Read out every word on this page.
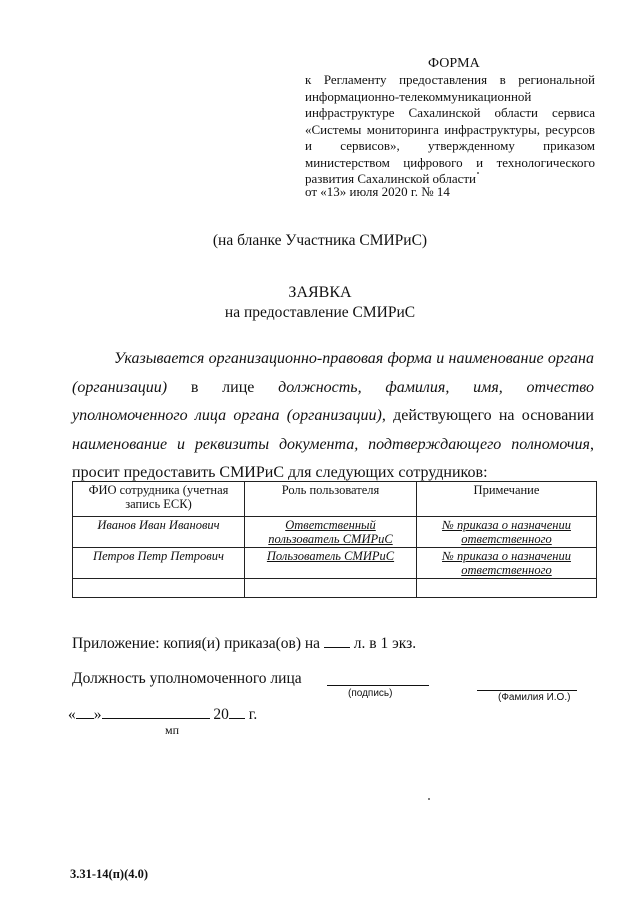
ФОРМА
к Регламенту предоставления в региональной информационно-телекоммуникационной инфраструктуре Сахалинской области сервиса «Системы мониторинга инфраструктуры, ресурсов и сервисов», утвержденному приказом министерством цифрового и технологического развития Сахалинской области
от «13» июля 2020 г. № 14
(на бланке Участника СМИРиС)
ЗАЯВКА
на предоставление СМИРиС
Указывается организационно-правовая форма и наименование органа (организации) в лице должность, фамилия, имя, отчество уполномоченного лица органа (организации), действующего на основании наименование и реквизиты документа, подтверждающего полномочия, просит предоставить СМИРиС для следующих сотрудников:
ФИО сотрудника (учетная запись ЕСК)	Роль пользователя	Примечание
Иванов Иван Иванович	Ответственный пользователь СМИРиС	№ приказа о назначении ответственного
Петров Петр Петрович	Пользователь СМИРиС	№ приказа о назначении ответственного

Приложение: копия(и) приказа(ов) на  л. в 1 экз.
Должность уполномоченного лица
(подпись)	(Фамилия И.О.)
« »	20 г.
мп
3.31-14(п)(4.0)
